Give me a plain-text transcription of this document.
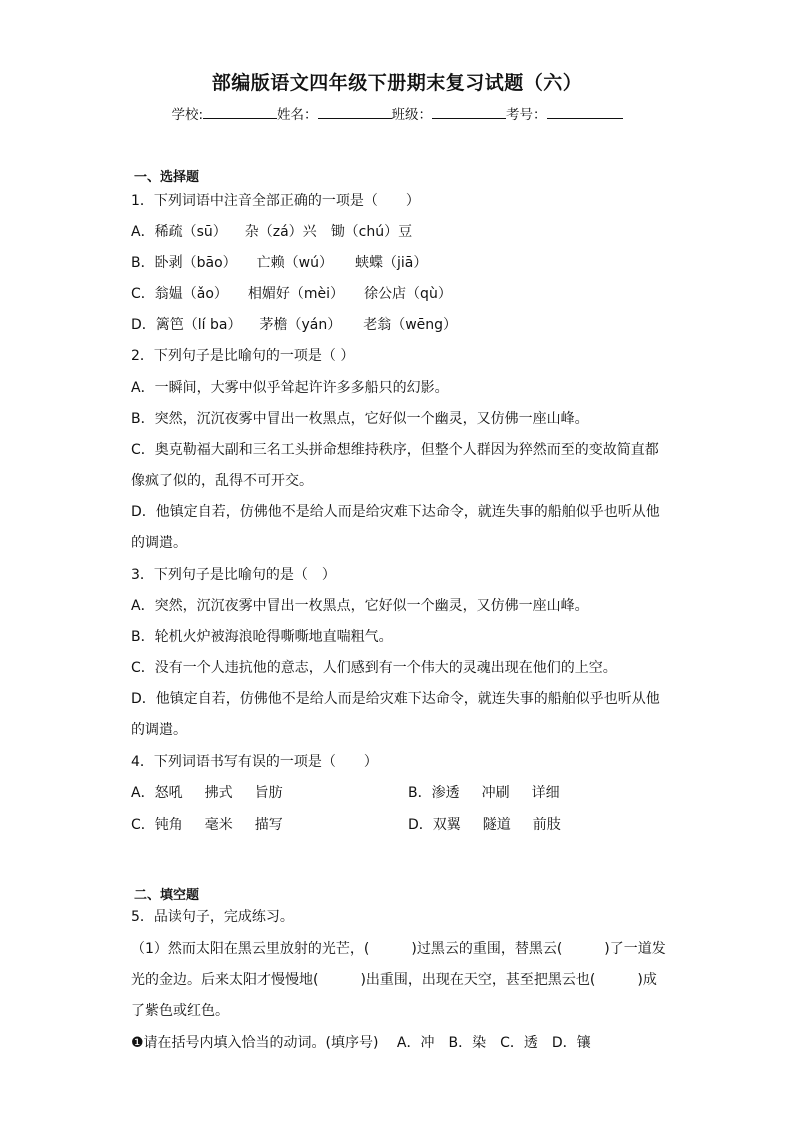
部编版语文四年级下册期末复习试题（六）
学校:	姓名：	班级：	考号：
一、选择题
1．下列词语中注音全部正确的一项是（　　）
A．稀疏（sū） 杂（zá）兴 锄（chú）豆
B．卧剥（bāo） 亡赖（wú） 蛱蝶（jiā）
C．翁媪（ǎo） 相媚好（mèi） 徐公店（qù）
D．篱笆（lí ba） 茅檐（yán） 老翁（wēng）
2．下列句子是比喻句的一项是（ ）
A．一瞬间，大雾中似乎耸起许许多多船只的幻影。
B．突然，沉沉夜雾中冒出一枚黑点，它好似一个幽灵，又仿佛一座山峰。
C．奥克勒福大副和三名工头拼命想维持秩序，但整个人群因为猝然而至的变故简直都
像疯了似的，乱得不可开交。
D．他镇定自若，仿佛他不是给人而是给灾难下达命令，就连失事的船舶似乎也听从他
的调遣。
3．下列句子是比喻句的是（　）
A．突然，沉沉夜雾中冒出一枚黑点，它好似一个幽灵，又仿佛一座山峰。
B．轮机火炉被海浪呛得嘶嘶地直喘粗气。
C．没有一个人违抗他的意志，人们感到有一个伟大的灵魂出现在他们的上空。
D．他镇定自若，仿佛他不是给人而是给灾难下达命令，就连失事的船舶似乎也听从他
的调遣。
4．下列词语书写有误的一项是（　　）
A．怒吼 拂式 旨肪	B．渗透 冲刷 详细
C．钝角 毫米 描写	D．双翼 隧道 前肢
二、填空题
5．品读句子，完成练习。
（1）然而太阳在黑云里放射的光芒，(　　　)过黑云的重围，替黑云(　　　)了一道发
光的金边。后来太阳才慢慢地(　　　)出重围，出现在天空，甚至把黑云也(　　　)成
了紫色或红色。
❶请在括号内填入恰当的动词。(填序号)　 A．冲　B．染　C．透　D．镶
